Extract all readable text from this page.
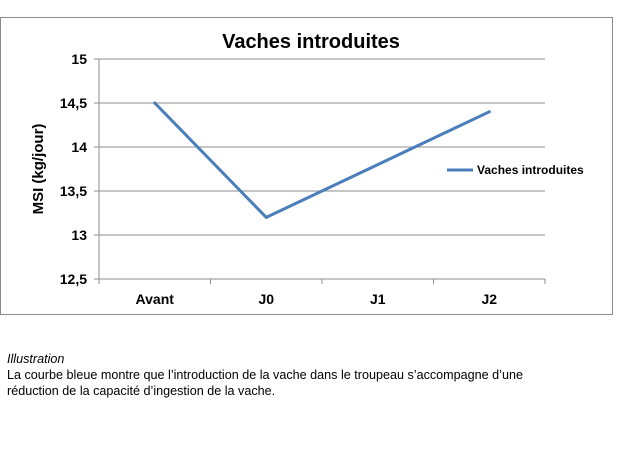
Vaches introduites
12,5
13
13,5
14
14,5
15
Avant	J0	J1	J2
MSI (kg/jour)	Vaches introduites
Illustration
La courbe bleue montre que l’introduction de la vache dans le troupeau s’accompagne d’une
réduction de la capacité d’ingestion de la vache.
